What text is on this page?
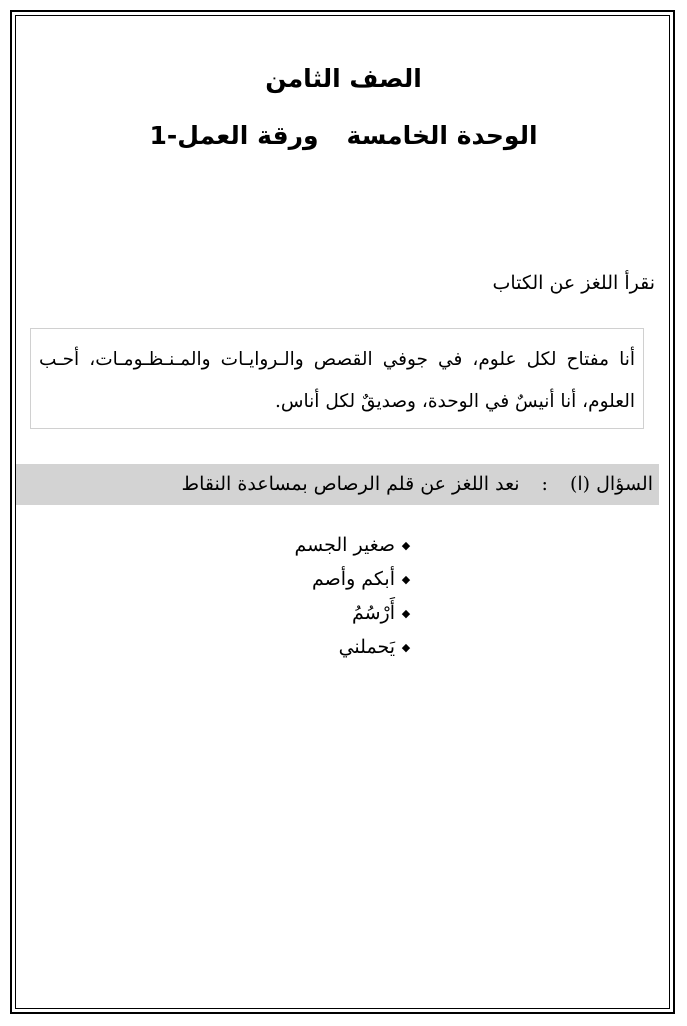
الصف الثامن
الوحدة الخامسةورقة العمل-1
نقرأ اللغز عن الكتاب
أنا مفتاح لكل علوم، في جوفي القصص والـروايـات والمـنـظـومـات، أحـب العلوم، أنا أنيسٌ في الوحدة، وصديقٌ لكل أناس.
السؤال (ا):نعد اللغز عن قلم الرصاص بمساعدة النقاط
◆صغير الجسم
◆أبكم وأصم
◆أَرْسُمُ
◆يَحملني
